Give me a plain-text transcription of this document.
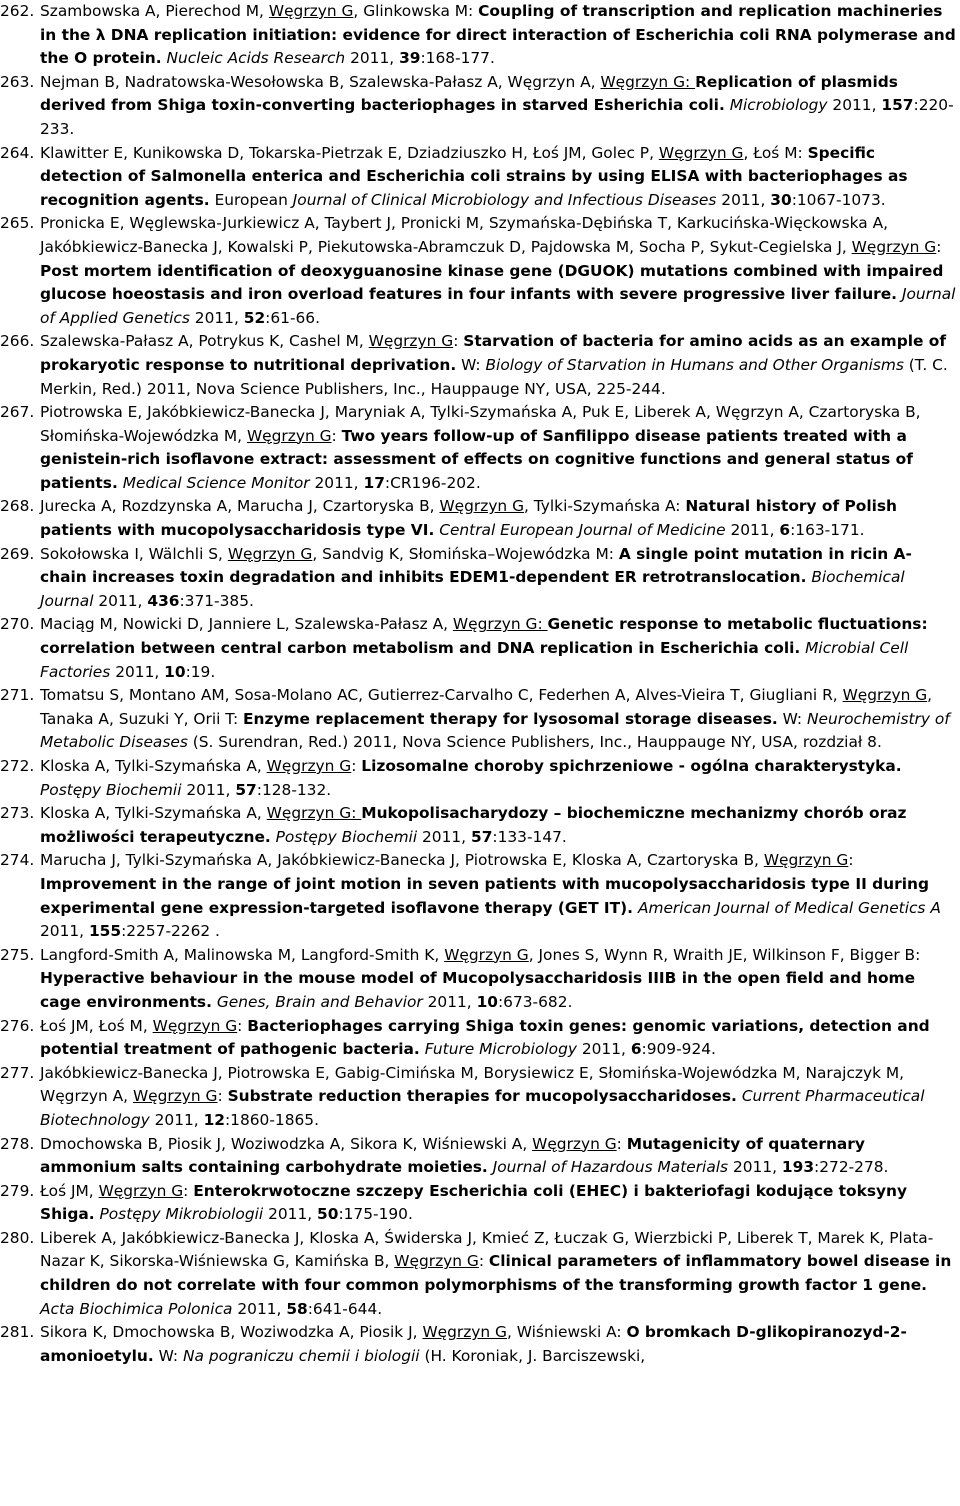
262. Szambowska A, Pierechod M, Węgrzyn G, Glinkowska M: Coupling of transcription and replication machineries in the λ DNA replication initiation: evidence for direct interaction of Escherichia coli RNA polymerase and the O protein. Nucleic Acids Research 2011, 39:168-177.

263. Nejman B, Nadratowska-Wesołowska B, Szalewska-Pałasz A, Węgrzyn A, Węgrzyn G: Replication of plasmids derived from Shiga toxin-converting bacteriophages in starved Esherichia coli. Microbiology 2011, 157:220-233.

264. Klawitter E, Kunikowska D, Tokarska-Pietrzak E, Dziadziuszko H, Łoś JM, Golec P, Węgrzyn G, Łoś M: Specific detection of Salmonella enterica and Escherichia coli strains by using ELISA with bacteriophages as recognition agents. European Journal of Clinical Microbiology and Infectious Diseases 2011, 30:1067-1073.

265. Pronicka E, Węglewska-Jurkiewicz A, Taybert J, Pronicki M, Szymańska-Dębińska T, Karkucińska-Więckowska A, Jakóbkiewicz-Banecka J, Kowalski P, Piekutowska-Abramczuk D, Pajdowska M, Socha P, Sykut-Cegielska J, Węgrzyn G: Post mortem identification of deoxyguanosine kinase gene (DGUOK) mutations combined with impaired glucose hoeostasis and iron overload features in four infants with severe progressive liver failure. Journal of Applied Genetics 2011, 52:61-66.

266. Szalewska-Pałasz A, Potrykus K, Cashel M, Węgrzyn G: Starvation of bacteria for amino acids as an example of prokaryotic response to nutritional deprivation. W: Biology of Starvation in Humans and Other Organisms (T. C. Merkin, Red.) 2011, Nova Science Publishers, Inc., Hauppauge NY, USA, 225-244.

267. Piotrowska E, Jakóbkiewicz-Banecka J, Maryniak A, Tylki-Szymańska A, Puk E, Liberek A, Węgrzyn A, Czartoryska B, Słomińska-Wojewódzka M, Węgrzyn G: Two years follow-up of Sanfilippo disease patients treated with a genistein-rich isoflavone extract: assessment of effects on cognitive functions and general status of patients. Medical Science Monitor 2011, 17:CR196-202.

268. Jurecka A, Rozdzynska A, Marucha J, Czartoryska B, Węgrzyn G, Tylki-Szymańska A: Natural history of Polish patients with mucopolysaccharidosis type VI. Central European Journal of Medicine 2011, 6:163-171.

269. Sokołowska I, Wälchli S, Węgrzyn G, Sandvig K, Słomińska–Wojewódzka M: A single point mutation in ricin A-chain increases toxin degradation and inhibits EDEM1-dependent ER retrotranslocation. Biochemical Journal 2011, 436:371-385.

270. Maciąg M, Nowicki D, Janniere L, Szalewska-Pałasz A, Węgrzyn G: Genetic response to metabolic fluctuations: correlation between central carbon metabolism and DNA replication in Escherichia coli. Microbial Cell Factories 2011, 10:19.

271. Tomatsu S, Montano AM, Sosa-Molano AC, Gutierrez-Carvalho C, Federhen A, Alves-Vieira T, Giugliani R, Węgrzyn G, Tanaka A, Suzuki Y, Orii T: Enzyme replacement therapy for lysosomal storage diseases. W: Neurochemistry of Metabolic Diseases (S. Surendran, Red.) 2011, Nova Science Publishers, Inc., Hauppauge NY, USA, rozdział 8.

272. Kloska A, Tylki-Szymańska A, Węgrzyn G: Lizosomalne choroby spichrzeniowe - ogólna charakterystyka. Postępy Biochemii 2011, 57:128-132.

273. Kloska A, Tylki-Szymańska A, Węgrzyn G: Mukopolisacharydozy – biochemiczne mechanizmy chorób oraz możliwości terapeutyczne. Postępy Biochemii 2011, 57:133-147.

274. Marucha J, Tylki-Szymańska A, Jakóbkiewicz-Banecka J, Piotrowska E, Kloska A, Czartoryska B, Węgrzyn G: Improvement in the range of joint motion in seven patients with mucopolysaccharidosis type II during experimental gene expression-targeted isoflavone therapy (GET IT). American Journal of Medical Genetics A 2011, 155:2257-2262 .

275. Langford-Smith A, Malinowska M, Langford-Smith K, Węgrzyn G, Jones S, Wynn R, Wraith JE, Wilkinson F, Bigger B: Hyperactive behaviour in the mouse model of Mucopolysaccharidosis IIIB in the open field and home cage environments. Genes, Brain and Behavior 2011, 10:673-682.

276. Łoś JM, Łoś M, Węgrzyn G: Bacteriophages carrying Shiga toxin genes: genomic variations, detection and potential treatment of pathogenic bacteria. Future Microbiology 2011, 6:909-924.

277. Jakóbkiewicz-Banecka J, Piotrowska E, Gabig-Cimińska M, Borysiewicz E, Słomińska-Wojewódzka M, Narajczyk M, Węgrzyn A, Węgrzyn G: Substrate reduction therapies for mucopolysaccharidoses. Current Pharmaceutical Biotechnology 2011, 12:1860-1865.

278. Dmochowska B, Piosik J, Woziwodzka A, Sikora K, Wiśniewski A, Węgrzyn G: Mutagenicity of quaternary ammonium salts containing carbohydrate moieties. Journal of Hazardous Materials 2011, 193:272-278.

279. Łoś JM, Węgrzyn G: Enterokrwotoczne szczepy Escherichia coli (EHEC) i bakteriofagi kodujące toksyny Shiga. Postępy Mikrobiologii 2011, 50:175-190.

280. Liberek A, Jakóbkiewicz-Banecka J, Kloska A, Świderska J, Kmieć Z, Łuczak G, Wierzbicki P, Liberek T, Marek K, Plata-Nazar K, Sikorska-Wiśniewska G, Kamińska B, Węgrzyn G: Clinical parameters of inflammatory bowel disease in children do not correlate with four common polymorphisms of the transforming growth factor 1 gene. Acta Biochimica Polonica 2011, 58:641-644.

281. Sikora K, Dmochowska B, Woziwodzka A, Piosik J, Węgrzyn G, Wiśniewski A: O bromkach D-glikopiranozyd-2-amonioetylu. W: Na pograniczu chemii i biologii (H. Koroniak, J. Barciszewski,
